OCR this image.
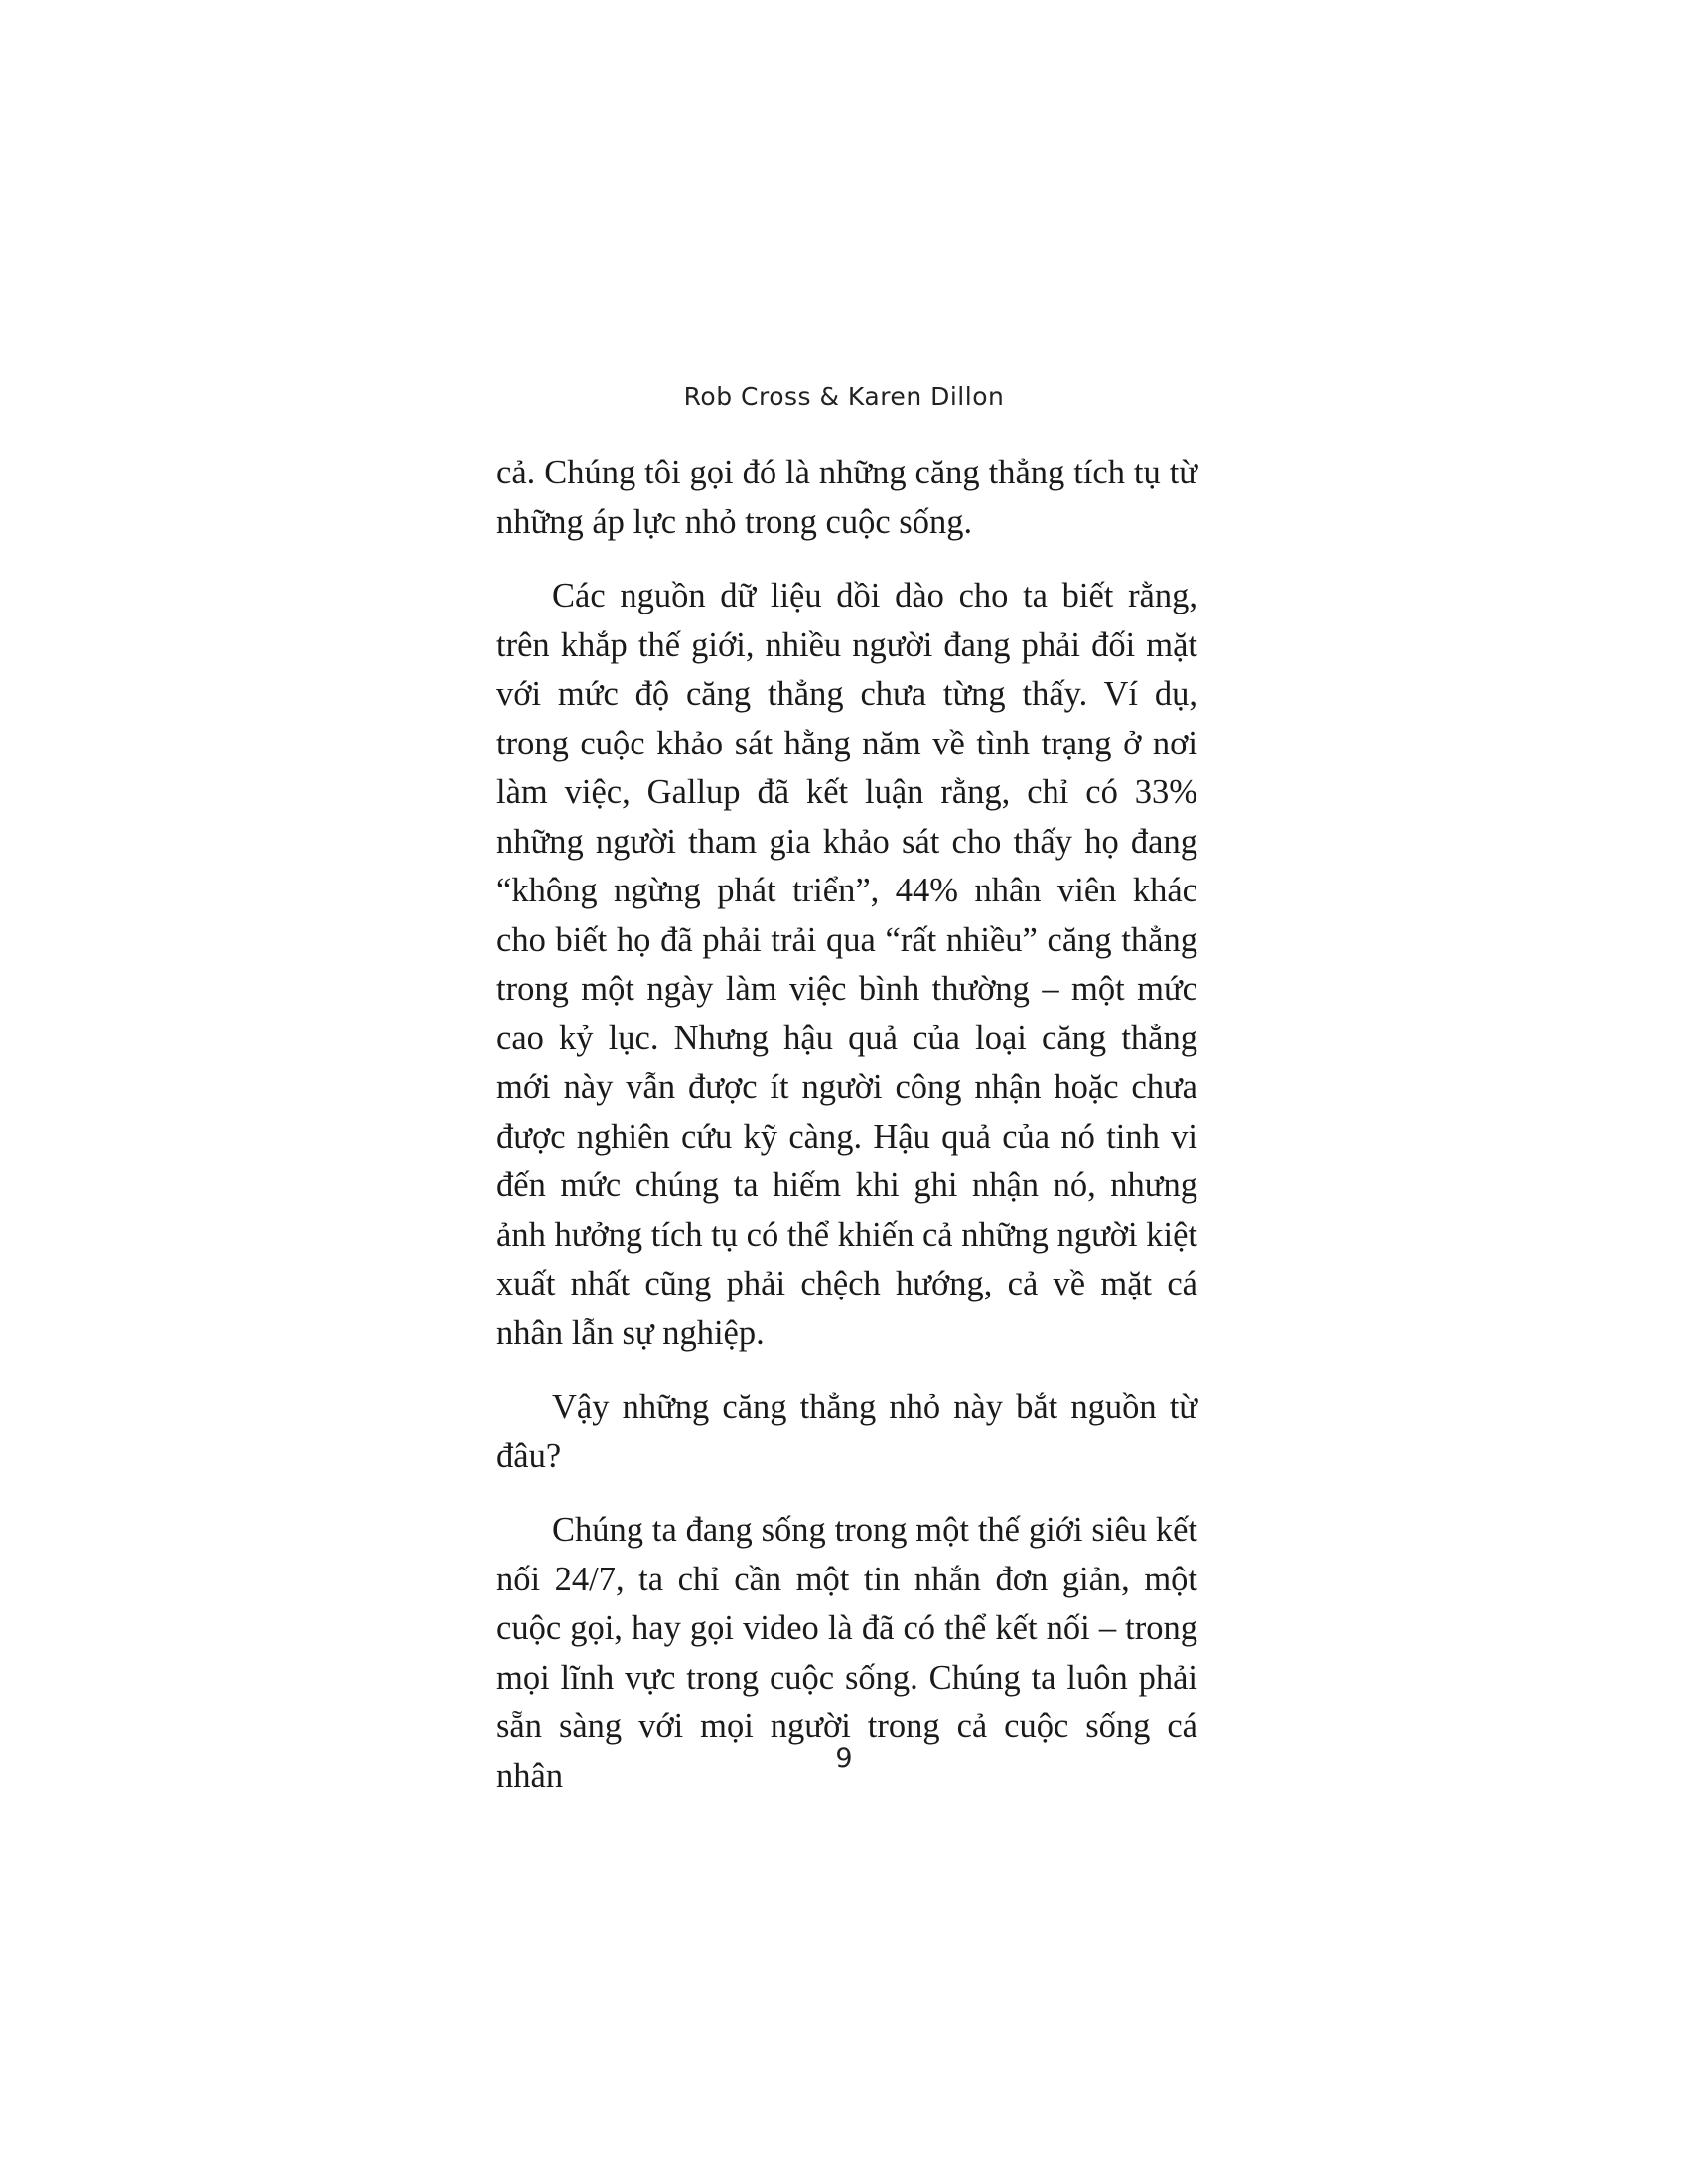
Rob Cross & Karen Dillon

cả. Chúng tôi gọi đó là những căng thẳng tích tụ từ những áp lực nhỏ trong cuộc sống.

Các nguồn dữ liệu dồi dào cho ta biết rằng, trên khắp thế giới, nhiều người đang phải đối mặt với mức độ căng thẳng chưa từng thấy. Ví dụ, trong cuộc khảo sát hằng năm về tình trạng ở nơi làm việc, Gallup đã kết luận rằng, chỉ có 33% những người tham gia khảo sát cho thấy họ đang “không ngừng phát triển”, 44% nhân viên khác cho biết họ đã phải trải qua “rất nhiều” căng thẳng trong một ngày làm việc bình thường – một mức cao kỷ lục. Nhưng hậu quả của loại căng thẳng mới này vẫn được ít người công nhận hoặc chưa được nghiên cứu kỹ càng. Hậu quả của nó tinh vi đến mức chúng ta hiếm khi ghi nhận nó, nhưng ảnh hưởng tích tụ có thể khiến cả những người kiệt xuất nhất cũng phải chệch hướng, cả về mặt cá nhân lẫn sự nghiệp.

Vậy những căng thẳng nhỏ này bắt nguồn từ đâu?

Chúng ta đang sống trong một thế giới siêu kết nối 24/7, ta chỉ cần một tin nhắn đơn giản, một cuộc gọi, hay gọi video là đã có thể kết nối – trong mọi lĩnh vực trong cuộc sống. Chúng ta luôn phải sẵn sàng với mọi người trong cả cuộc sống cá nhân	9
